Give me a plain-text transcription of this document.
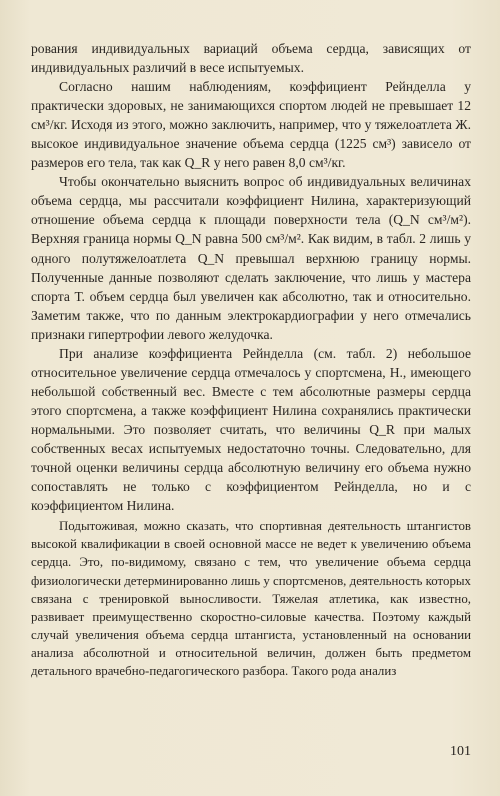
рования индивидуальных вариаций объема сердца, зависящих от индивидуальных различий в весе испытуемых.

Согласно нашим наблюдениям, коэффициент Рейнделла у практически здоровых, не занимающихся спортом людей не превышает 12 см³/кг. Исходя из этого, можно заключить, например, что у тяжелоатлета Ж. высокое индивидуальное значение объема сердца (1225 см³) зависело от размеров его тела, так как Q_R у него равен 8,0 см³/кг.

Чтобы окончательно выяснить вопрос об индивидуальных величинах объема сердца, мы рассчитали коэффициент Нилина, характеризующий отношение объема сердца к площади поверхности тела (Q_N см³/м²). Верхняя граница нормы Q_N равна 500 см³/м². Как видим, в табл. 2 лишь у одного полутяжелоатлета Q_N превышал верхнюю границу нормы. Полученные данные позволяют сделать заключение, что лишь у мастера спорта Т. объем сердца был увеличен как абсолютно, так и относительно. Заметим также, что по данным электрокардиографии у него отмечались признаки гипертрофии левого желудочка.

При анализе коэффициента Рейнделла (см. табл. 2) небольшое относительное увеличение сердца отмечалось у спортсмена, Н., имеющего небольшой собственный вес. Вместе с тем абсолютные размеры сердца этого спортсмена, а также коэффициент Нилина сохранялись практически нормальными. Это позволяет считать, что величины Q_R при малых собственных весах испытуемых недостаточно точны. Следовательно, для точной оценки величины сердца абсолютную величину его объема нужно сопоставлять не только с коэффициентом Рейнделла, но и с коэффициентом Нилина.

Подытоживая, можно сказать, что спортивная деятельность штангистов высокой квалификации в своей основной массе не ведет к увеличению объема сердца. Это, по-видимому, связано с тем, что увеличение объема сердца физиологически детерминированно лишь у спортсменов, деятельность которых связана с тренировкой выносливости. Тяжелая атлетика, как известно, развивает преимущественно скоростно-силовые качества. Поэтому каждый случай увеличения объема сердца штангиста, установленный на основании анализа абсолютной и относительной величин, должен быть предметом детального врачебно-педагогического разбора. Такого рода анализ

101
